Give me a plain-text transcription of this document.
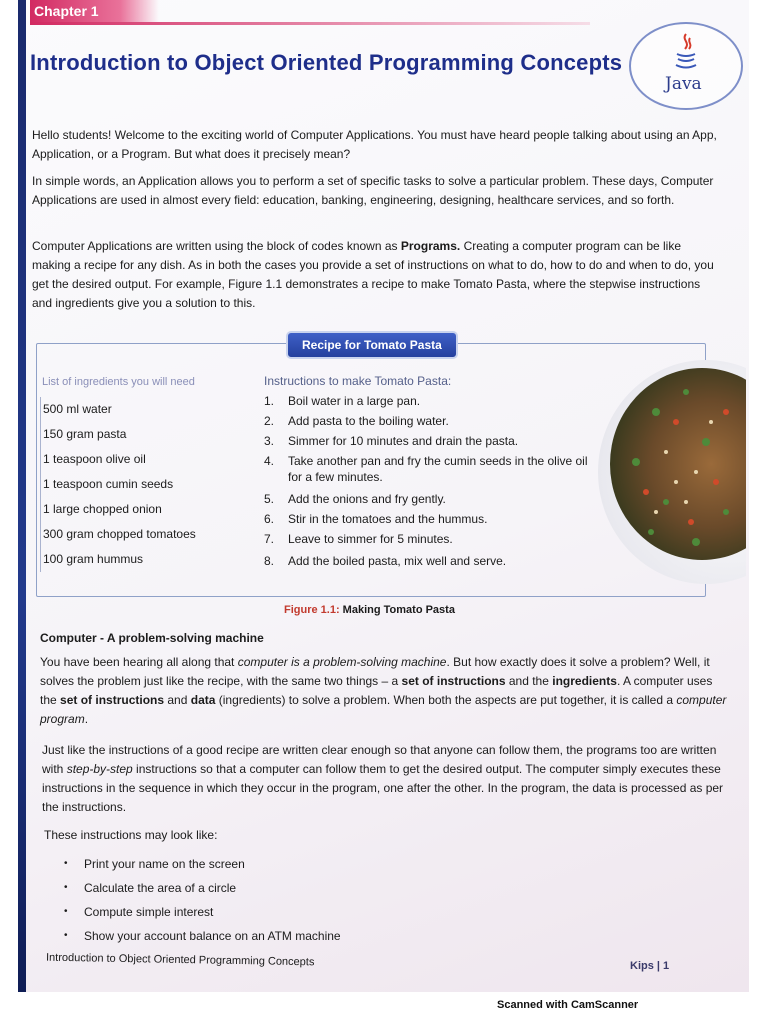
Chapter 1
Introduction to Object Oriented Programming Concepts
Java

Hello students! Welcome to the exciting world of Computer Applications. You must have heard people talking about using an App, Application, or a Program. But what does it precisely mean?

In simple words, an Application allows you to perform a set of specific tasks to solve a particular problem. These days, Computer Applications are used in almost every field: education, banking, engineering, designing, healthcare services, and so forth.

Computer Applications are written using the block of codes known as Programs. Creating a computer program can be like making a recipe for any dish. As in both the cases you provide a set of instructions on what to do, how to do and when to do, you get the desired output. For example, Figure 1.1 demonstrates a recipe to make Tomato Pasta, where the stepwise instructions and ingredients give you a solution to this.

Recipe for Tomato Pasta
List of ingredients you will need
500 ml water
150 gram pasta
1 teaspoon olive oil
1 teaspoon cumin seeds
1 large chopped onion
300 gram chopped tomatoes
100 gram hummus
Instructions to make Tomato Pasta:
1.	Boil water in a large pan.
2.	Add pasta to the boiling water.
3.	Simmer for 10 minutes and drain the pasta.
4.	Take another pan and fry the cumin seeds in the olive oil for a few minutes.
5.	Add the onions and fry gently.
6.	Stir in the tomatoes and the hummus.
7.	Leave to simmer for 5 minutes.
8.	Add the boiled pasta, mix well and serve.
Figure 1.1: Making Tomato Pasta
Computer - A problem-solving machine

You have been hearing all along that computer is a problem-solving machine. But how exactly does it solve a problem? Well, it solves the problem just like the recipe, with the same two things – a set of instructions and the ingredients. A computer uses the set of instructions and data (ingredients) to solve a problem. When both the aspects are put together, it is called a computer program.

Just like the instructions of a good recipe are written clear enough so that anyone can follow them, the programs too are written with step-by-step instructions so that a computer can follow them to get the desired output. The computer simply executes these instructions in the sequence in which they occur in the program, one after the other. In the program, the data is processed as per the instructions.

These instructions may look like:

•	Print your name on the screen
•	Calculate the area of a circle
•	Compute simple interest
•	Show your account balance on an ATM machine
Introduction to Object Oriented Programming Concepts	Kips | 1
Scanned with CamScanner
